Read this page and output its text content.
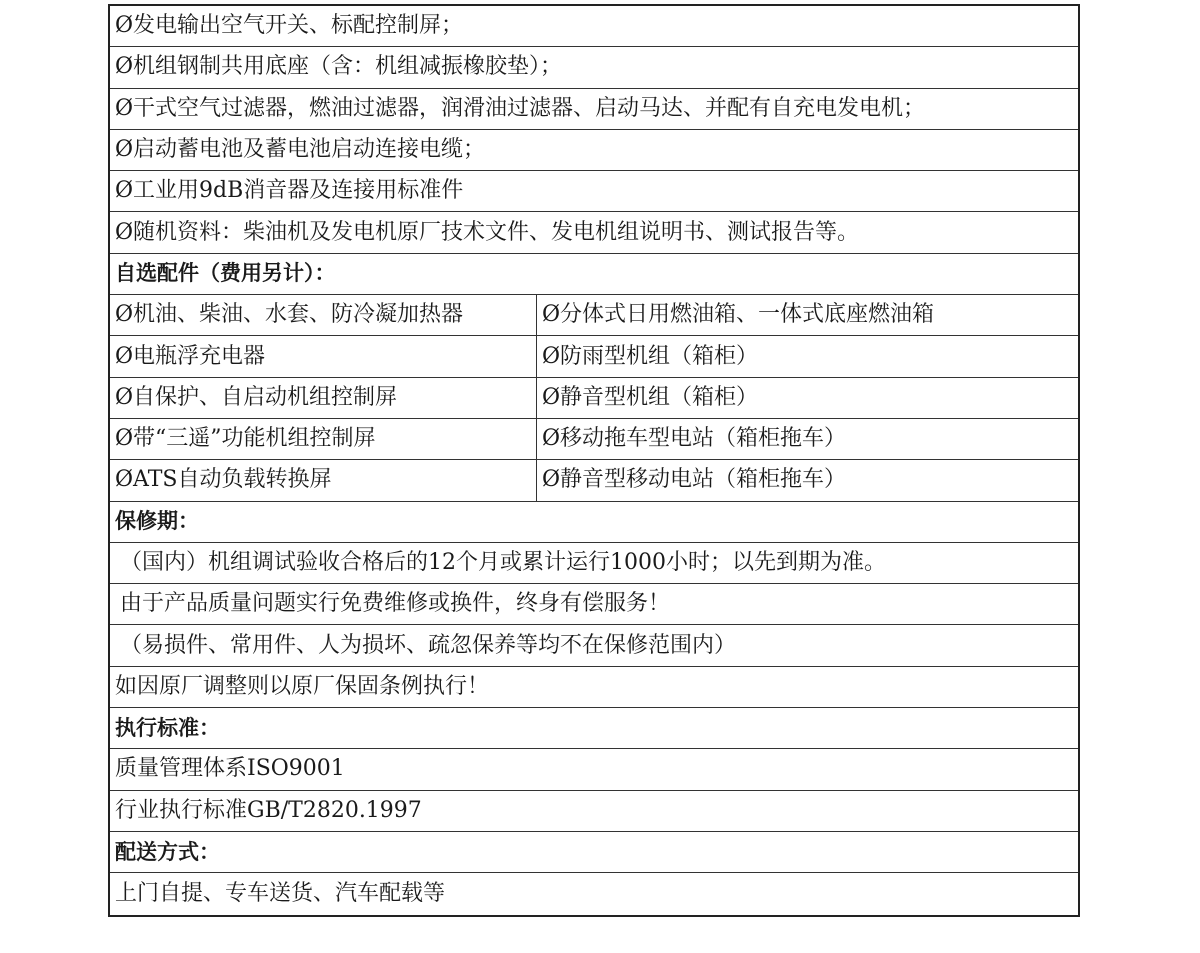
Ø发电输出空气开关、标配控制屏；
Ø机组钢制共用底座（含：机组减振橡胶垫）；
Ø干式空气过滤器，燃油过滤器，润滑油过滤器、启动马达、并配有自充电发电机；
Ø启动蓄电池及蓄电池启动连接电缆；
Ø工业用9dB消音器及连接用标准件
Ø随机资料：柴油机及发电机原厂技术文件、发电机组说明书、测试报告等。
自选配件（费用另计）：
Ø机油、柴油、水套、防冷凝加热器	Ø分体式日用燃油箱、一体式底座燃油箱
Ø电瓶浮充电器	Ø防雨型机组（箱柜）
Ø自保护、自启动机组控制屏	Ø静音型机组（箱柜）
Ø带“三遥”功能机组控制屏	Ø移动拖车型电站（箱柜拖车）
ØATS自动负载转换屏	Ø静音型移动电站（箱柜拖车）
保修期：
（国内）机组调试验收合格后的12个月或累计运行1000小时；以先到期为准。
由于产品质量问题实行免费维修或换件，终身有偿服务！
（易损件、常用件、人为损坏、疏忽保养等均不在保修范围内）
如因原厂调整则以原厂保固条例执行！
执行标准：
质量管理体系ISO9001
行业执行标准GB/T2820.1997
配送方式：
上门自提、专车送货、汽车配载等
